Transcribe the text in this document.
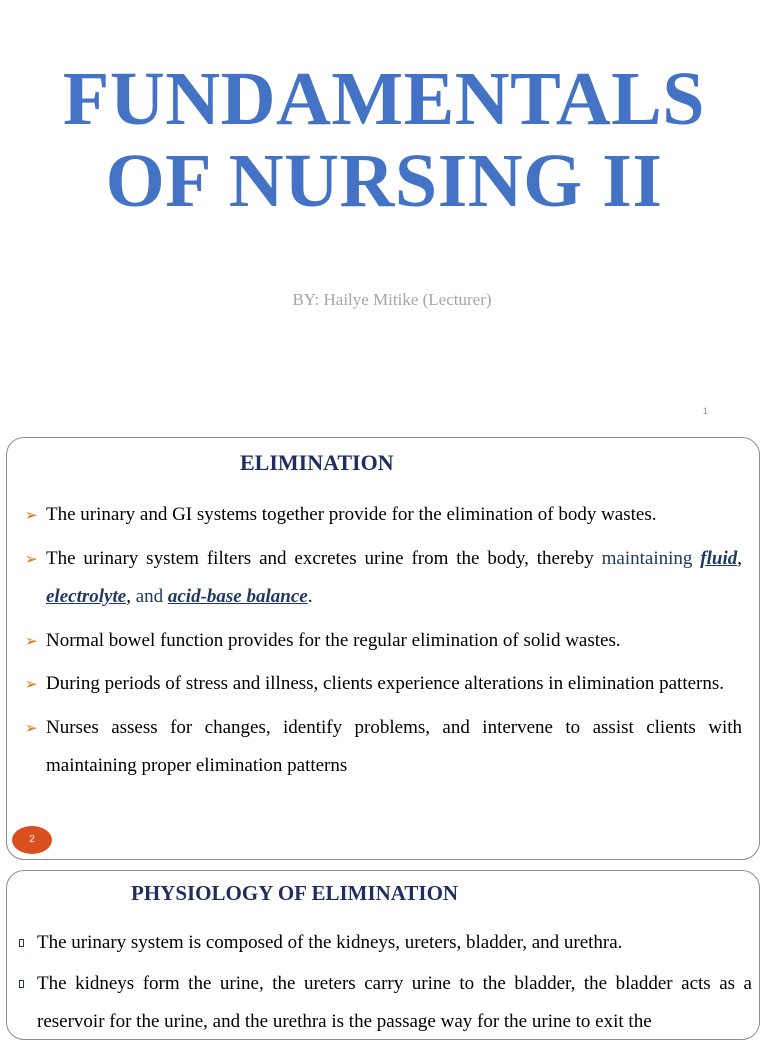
FUNDAMENTALS
OF NURSING II
BY: Hailye Mitike (Lecturer)
1
ELIMINATION
➢ The urinary and GI systems together provide for the elimination of body wastes.
➢ The urinary system filters and excretes urine from the body, thereby maintaining fluid, electrolyte, and acid-base balance.
➢ Normal bowel function provides for the regular elimination of solid wastes.
➢ During periods of stress and illness, clients experience alterations in elimination patterns.
➢ Nurses assess for changes, identify problems, and intervene to assist clients with maintaining proper elimination patterns
2
PHYSIOLOGY OF ELIMINATION
The urinary system is composed of the kidneys, ureters, bladder, and urethra.
The kidneys form the urine, the ureters carry urine to the bladder, the bladder acts as a reservoir for the urine, and the urethra is the passage way for the urine to exit the
